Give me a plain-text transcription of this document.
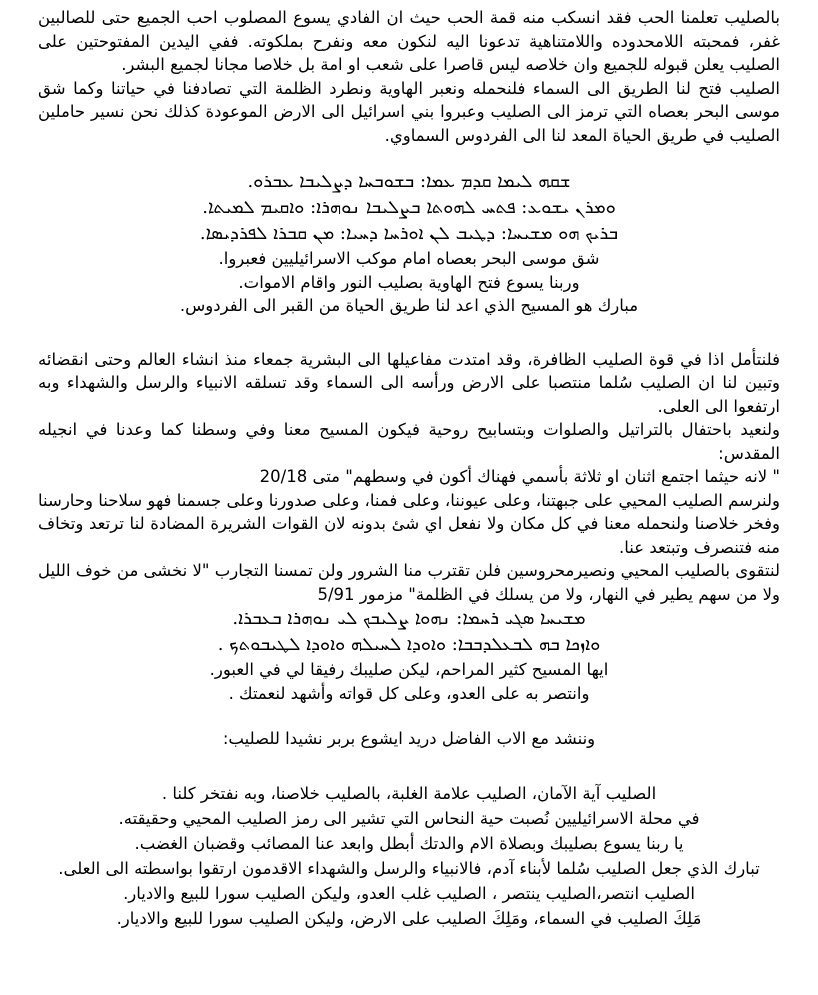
بالصليب تعلمنا الحب فقد انسكب منه قمة الحب حيث ان الفادي يسوع المصلوب احب الجميع حتى للصالبين غفر، فمحبته اللامحدوده واللامتناهية تدعونا اليه لنكون معه ونفرح بملكوته. ففي اليدين المفتوحتين على الصليب يعلن قبوله للجميع وان خلاصه ليس قاصرا على شعب او امة بل خلاصا مجانا لجميع البشر.

الصليب فتح لنا الطريق الى السماء فلنحمله ونعبر الهاوية ونطرد الظلمة التي تصادفنا في حياتنا وكما شق موسى البحر بعصاه التي ترمز الى الصليب وعبروا بني اسرائيل الى الارض الموعودة كذلك نحن نسير حاملين الصليب في طريق الحياة المعد لنا الى الفردوس السماوي.

ܫܩܗ ܠܝܡܐ ܩܕܡ ܥܡܐ: ܒܫܘܒܚܐ ܕܨܠܝܒܐ ܥܒܪܘ.
ܘܡܪܢ ܝܫܘܥ: ܦܬܚ ܠܗܘܬܐ ܒܨܠܝܒܐ ܢܘܗܪܐ: ܘܐܩܝܡ ܠܡܝܬܐ.
ܒܪܝܟ ܗܘ ܡܫܝܚܐ: ܕܛܝܒ ܠܢ ܐܘܪܚܐ ܕܚܝܐ: ܡܢ ܩܒܪܐ ܠܦܪܕܝܣܐ.
شق موسى البحر بعصاه امام موكب الاسرائيليين فعبروا.
وربنا يسوع فتح الهاوية بصليب النور واقام الاموات.
مبارك هو المسيح الذي اعد لنا طريق الحياة من القبر الى الفردوس.

فلنتأمل اذا في قوة الصليب الظافرة، وقد امتدت مفاعيلها الى البشرية جمعاء منذ انشاء العالم وحتى انقضائه وتبين لنا ان الصليب سُلما منتصبا على الارض ورأسه الى السماء وقد تسلقه الانبياء والرسل والشهداء وبه ارتفعوا الى العلى.

ولنعيد باحتفال بالتراتيل والصلوات وبتسابيح روحية فيكون المسيح معنا وفي وسطنا كما وعدنا في انجيله المقدس:

" لانه حيثما اجتمع اثنان او ثلاثة بأسمي فهناك أكون في وسطهم" متى 20/18

ولنرسم الصليب المحيي على جبهتنا، وعلى عيوننا، وعلى فمنا، وعلى صدورنا وعلى جسمنا فهو سلاحنا وحارسنا وفخر خلاصنا ولنحمله معنا في كل مكان ولا نفعل اي شئ بدونه لان القوات الشريرة المضادة لنا ترتعد وتخاف منه فتنصرف وتبتعد عنا.

لنتقوى بالصليب المحيي ونصيرمحروسين فلن تقترب منا الشرور ولن تمسنا التجارب "لا نخشى من خوف الليل ولا من سهم يطير في النهار، ولا من يسلك في الظلمة" مزمور 5/91

ܡܫܝܚܐ ܣܓܝ ܪܚܡܐ: ܢܗܘܐ ܨܠܝܒܟ ܠܝ ܢܘܗܪܐ ܒܥܒܪܐ.
ܘܐܙܟܐ ܒܗ ܠܒܥܠܕܒܒܐ: ܘܐܘܕܐ ܠܚܝܠܗ ܘܐܘܕܐ ܠܛܝܒܘܬܟ .
ايها المسيح كثير المراحم، ليكن صليبك رفيقا لي في العبور.
وانتصر به على العدو، وعلى كل قواته وأشهد لنعمتك .
وننشد مع الاب الفاضل دريد ايشوع بربر نشيدا للصليب:

الصليب آية الآمان، الصليب علامة الغلبة، بالصليب خلاصنا، وبه نفتخر كلنا .

في محلة الاسرائيليين نُصبت حية النحاس التي تشير الى رمز الصليب المحيي وحقيقته.

يا ربنا يسوع بصليبك وبصلاة الام والدتك أبطل وابعد عنا المصائب وقضبان الغضب.

تبارك الذي جعل الصليب سُلما لأبناء آدم، فالانبياء والرسل والشهداء الاقدمون ارتقوا بواسطته الى العلى.

الصليب انتصر،الصليب ينتصر ، الصليب غلب العدو، وليكن الصليب سورا للبيع والاديار.

مَلِكَ الصليب في السماء، ومَلِكَ الصليب على الارض، وليكن الصليب سورا للبيع والاديار.
